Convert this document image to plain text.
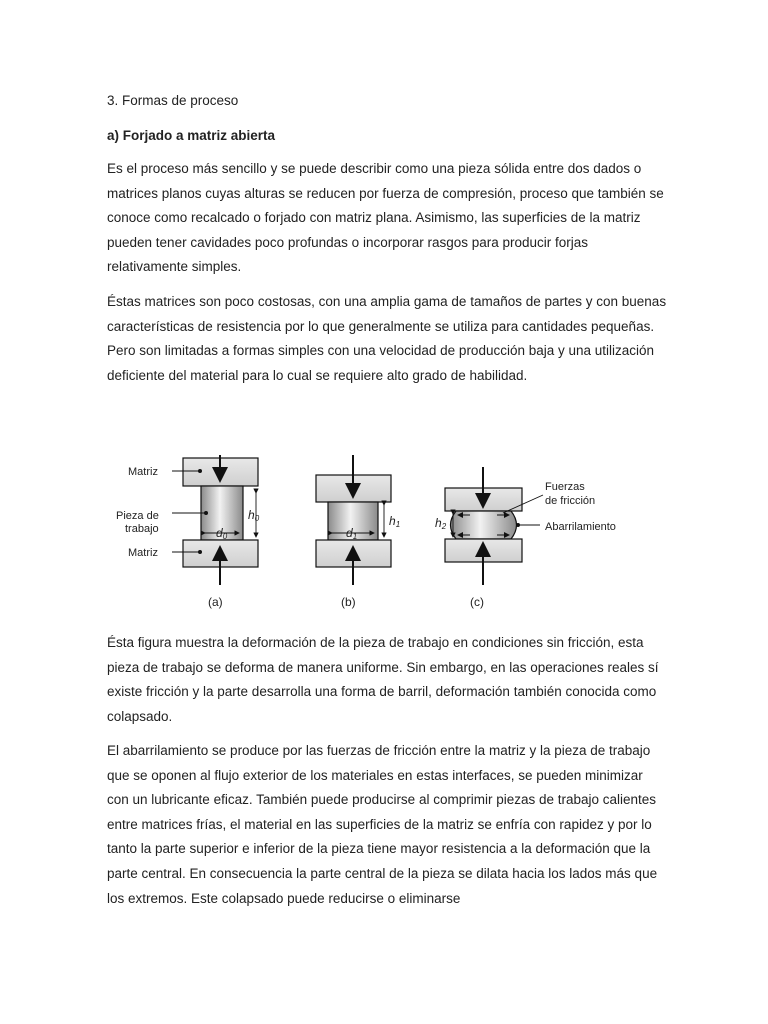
3. Formas de proceso
a) Forjado a matriz abierta

Es el proceso más sencillo y se puede describir como una pieza sólida entre dos dados o matrices planos cuyas alturas se reducen por fuerza de compresión, proceso que también se conoce como recalcado o forjado con matriz plana. Asimismo, las superficies de la matriz pueden tener cavidades poco profundas o incorporar rasgos para producir forjas relativamente simples.

Éstas matrices son poco costosas, con una amplia gama de tamaños de partes y con buenas características de resistencia por lo que generalmente se utiliza para cantidades pequeñas. Pero son limitadas a formas simples con una velocidad de producción baja y una utilización deficiente del material para lo cual se requiere alto grado de habilidad.

Matriz
Pieza de
trabajo
Matriz
d0
h0
(a)
d1
h1
(b)
h2
Fuerzas
de fricción
Abarrilamiento
(c)

Ésta figura muestra la deformación de la pieza de trabajo en condiciones sin fricción, esta pieza de trabajo se deforma de manera uniforme. Sin embargo, en las operaciones reales sí existe fricción y la parte desarrolla una forma de barril, deformación también conocida como colapsado.

El abarrilamiento se produce por las fuerzas de fricción entre la matriz y la pieza de trabajo que se oponen al flujo exterior de los materiales en estas interfaces, se pueden minimizar con un lubricante eficaz. También puede producirse al comprimir piezas de trabajo calientes entre matrices frías, el material en las superficies de la matriz se enfría con rapidez y por lo tanto la parte superior e inferior de la pieza tiene mayor resistencia a la deformación que la parte central. En consecuencia la parte central de la pieza se dilata hacia los lados más que los extremos. Este colapsado puede reducirse o eliminarse
